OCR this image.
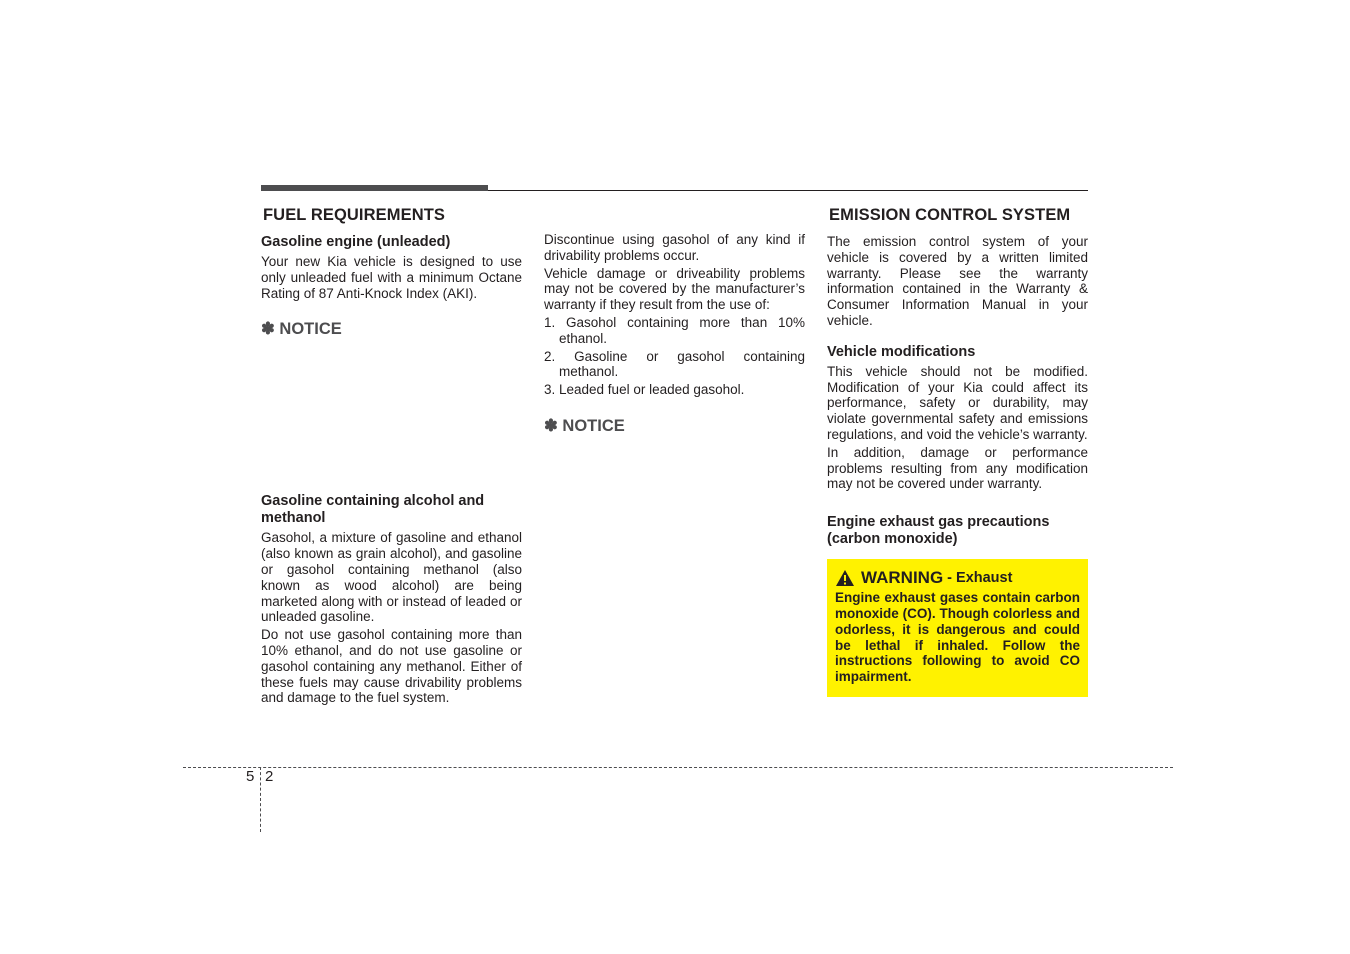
FUEL REQUIREMENTS
Gasoline engine (unleaded)

Your new Kia vehicle is designed to use only unleaded fuel with a minimum Octane Rating of 87 Anti-Knock Index (AKI).

✽ NOTICE
Gasoline containing alcohol and methanol

Gasohol, a mixture of gasoline and ethanol (also known as grain alcohol), and gasoline or gasohol containing methanol (also known as wood alcohol) are being marketed along with or instead of leaded or unleaded gasoline.

Do not use gasohol containing more than 10% ethanol, and do not use gasoline or gasohol containing any methanol. Either of these fuels may cause drivability problems and damage to the fuel system.

Discontinue using gasohol of any kind if drivability problems occur.

Vehicle damage or driveability problems may not be covered by the manufacturer’s warranty if they result from the use of:

1. Gasohol containing more than 10% ethanol.
2. Gasoline or gasohol containing methanol.
3. Leaded fuel or leaded gasohol.
✽ NOTICE
EMISSION CONTROL SYSTEM

The emission control system of your vehicle is covered by a written limited warranty. Please see the warranty information contained in the Warranty & Consumer Information Manual in your vehicle.

Vehicle modifications

This vehicle should not be modified. Modification of your Kia could affect its performance, safety or durability, may violate governmental safety and emissions regulations, and void the vehicle’s warranty.

In addition, damage or performance problems resulting from any modification may not be covered under warranty.

Engine exhaust gas precautions (carbon monoxide)
WARNING - Exhaust
Engine exhaust gases contain carbon monoxide (CO). Though colorless and odorless, it is dangerous and could be lethal if inhaled. Follow the instructions following to avoid CO impairment.
5 2
